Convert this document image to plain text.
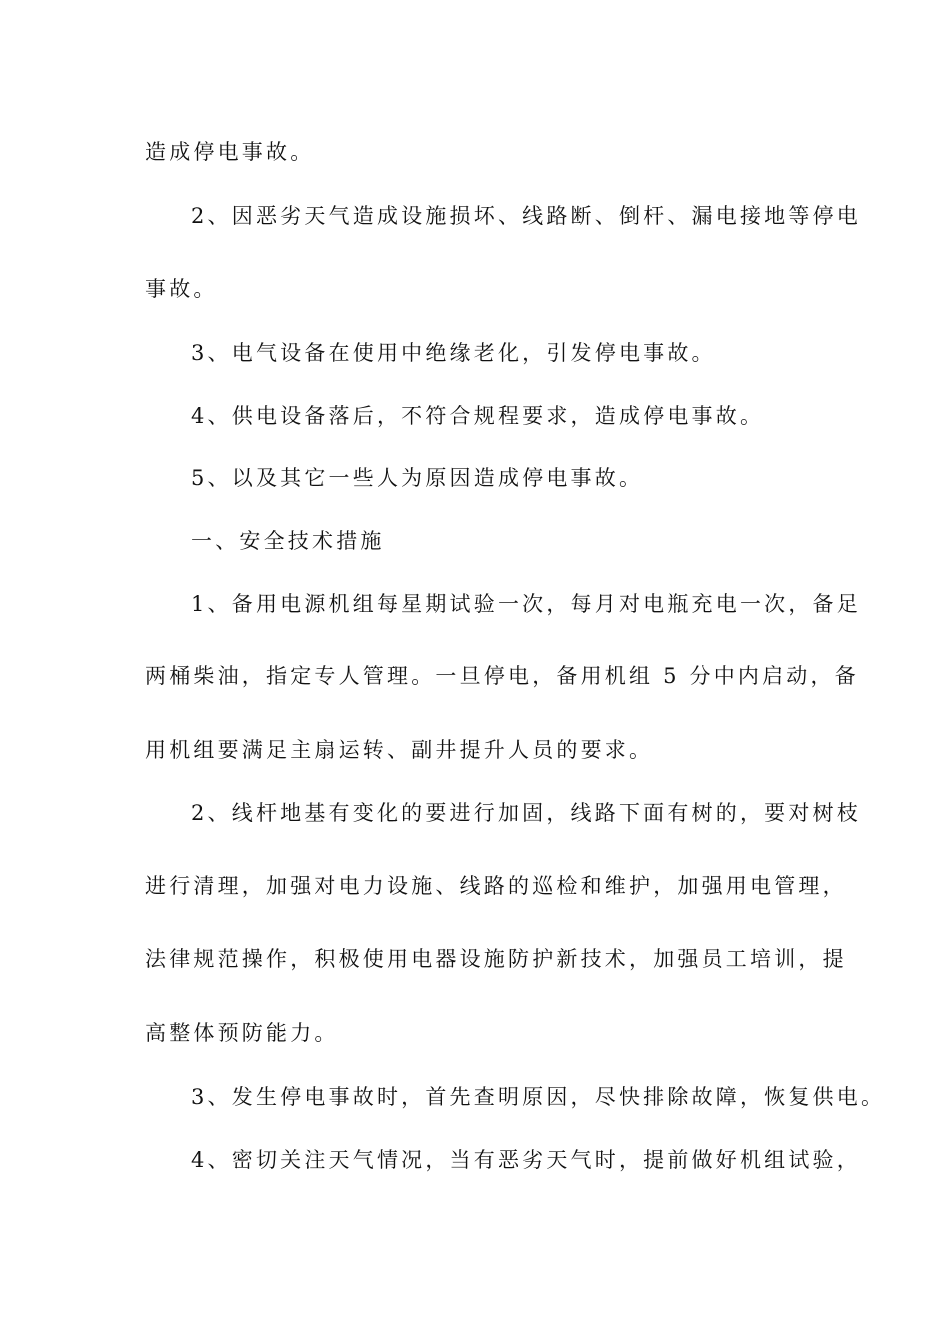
造成停电事故。
2、因恶劣天气造成设施损坏、线路断、倒杆、漏电接地等停电
事故。
3、电气设备在使用中绝缘老化，引发停电事故。
4、供电设备落后，不符合规程要求，造成停电事故。
5、以及其它一些人为原因造成停电事故。
一、安全技术措施
1、备用电源机组每星期试验一次，每月对电瓶充电一次，备足
两桶柴油，指定专人管理。一旦停电，备用机组 5 分中内启动，备
用机组要满足主扇运转、副井提升人员的要求。
2、线杆地基有变化的要进行加固，线路下面有树的，要对树枝
进行清理，加强对电力设施、线路的巡检和维护，加强用电管理，
法律规范操作，积极使用电器设施防护新技术，加强员工培训，提
高整体预防能力。
3、发生停电事故时，首先查明原因，尽快排除故障，恢复供电。
4、密切关注天气情况，当有恶劣天气时，提前做好机组试验，
